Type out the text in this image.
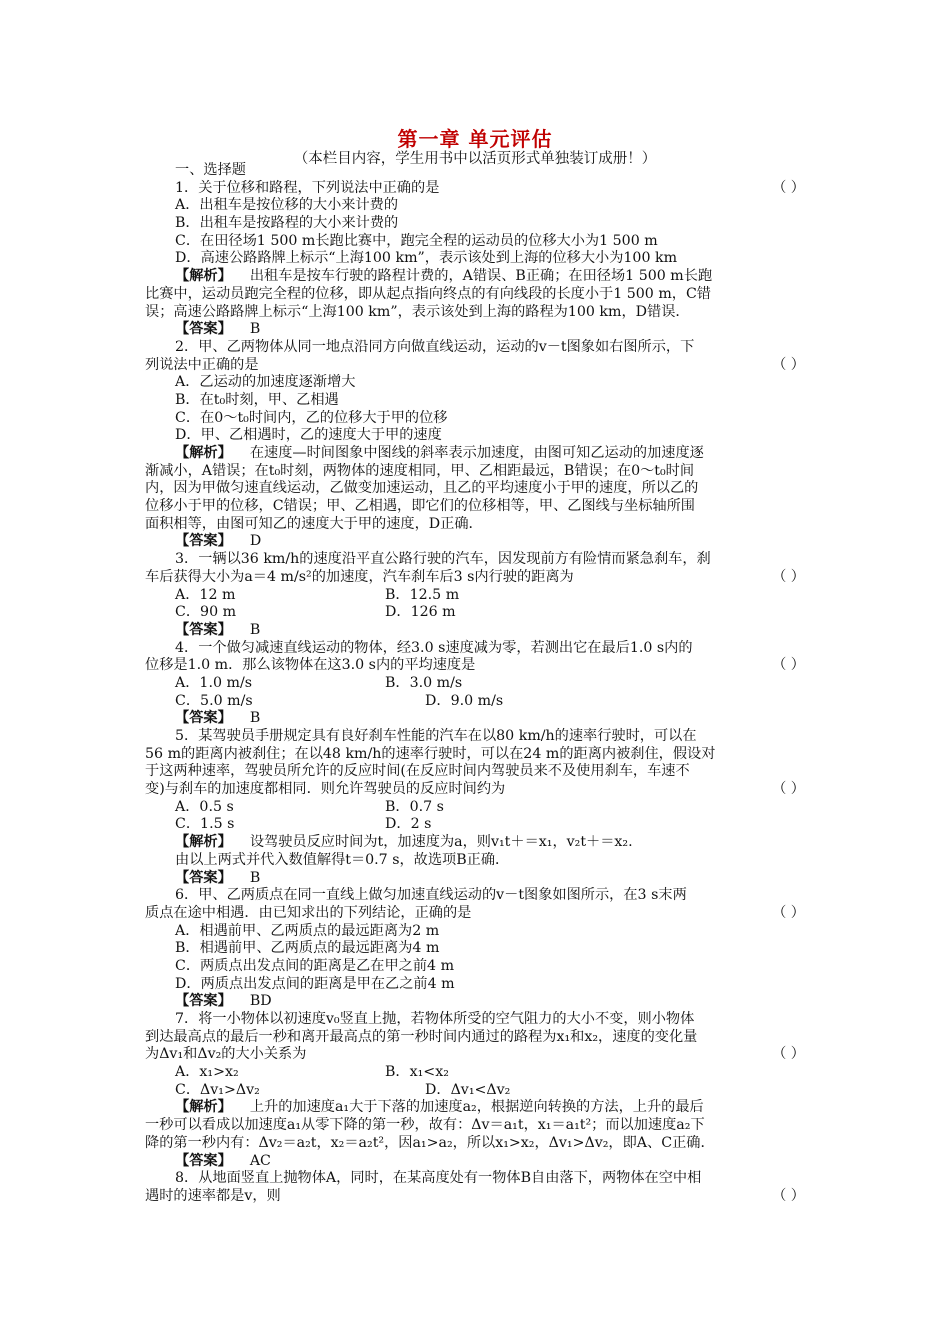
第一章 单元评估
（本栏目内容，学生用书中以活页形式单独装订成册！）
一、选择题
1．关于位移和路程，下列说法中正确的是	（ ）
A．出租车是按位移的大小来计费的
B．出租车是按路程的大小来计费的
C．在田径场1 500 m长跑比赛中，跑完全程的运动员的位移大小为1 500 m
D．高速公路路牌上标示“上海100 km”，表示该处到上海的位移大小为100 km
【解析】 出租车是按车行驶的路程计费的，A错误、B正确；在田径场1 500 m长跑
比赛中，运动员跑完全程的位移，即从起点指向终点的有向线段的长度小于1 500 m，C错
误；高速公路路牌上标示“上海100 km”，表示该处到上海的路程为100 km，D错误．
【答案】 B
2．甲、乙两物体从同一地点沿同方向做直线运动，运动的v－t图象如右图所示，下
列说法中正确的是	（ ）
A．乙运动的加速度逐渐增大
B．在t₀时刻，甲、乙相遇
C．在0～t₀时间内，乙的位移大于甲的位移
D．甲、乙相遇时，乙的速度大于甲的速度
【解析】 在速度—时间图象中图线的斜率表示加速度，由图可知乙运动的加速度逐
渐减小，A错误；在t₀时刻，两物体的速度相同，甲、乙相距最远，B错误；在0～t₀时间
内，因为甲做匀速直线运动，乙做变加速运动，且乙的平均速度小于甲的速度，所以乙的
位移小于甲的位移，C错误；甲、乙相遇，即它们的位移相等，甲、乙图线与坐标轴所围
面积相等，由图可知乙的速度大于甲的速度，D正确．
【答案】 D
3．一辆以36 km/h的速度沿平直公路行驶的汽车，因发现前方有险情而紧急刹车，刹
车后获得大小为a＝4 m/s²的加速度，汽车刹车后3 s内行驶的距离为	（ ）
A．12 m	B．12.5 m
C．90 m	D．126 m
【答案】 B
4．一个做匀减速直线运动的物体，经3.0 s速度减为零，若测出它在最后1.0 s内的
位移是1.0 m．那么该物体在这3.0 s内的平均速度是	（ ）
A．1.0 m/s	B．3.0 m/s
C．5.0 m/s	D．9.0 m/s
【答案】 B
5．某驾驶员手册规定具有良好刹车性能的汽车在以80 km/h的速率行驶时，可以在
56 m的距离内被刹住；在以48 km/h的速率行驶时，可以在24 m的距离内被刹住，假设对
于这两种速率，驾驶员所允许的反应时间(在反应时间内驾驶员来不及使用刹车，车速不
变)与刹车的加速度都相同．则允许驾驶员的反应时间约为	（ ）
A．0.5 s	B．0.7 s
C．1.5 s	D．2 s
【解析】 设驾驶员反应时间为t，加速度为a，则v₁t＋＝x₁，v₂t＋＝x₂.
由以上两式并代入数值解得t＝0.7 s，故选项B正确．
【答案】 B
6．甲、乙两质点在同一直线上做匀加速直线运动的v－t图象如图所示，在3 s末两
质点在途中相遇．由已知求出的下列结论，正确的是	（ ）
A．相遇前甲、乙两质点的最远距离为2 m
B．相遇前甲、乙两质点的最远距离为4 m
C．两质点出发点间的距离是乙在甲之前4 m
D．两质点出发点间的距离是甲在乙之前4 m
【答案】 BD
7．将一小物体以初速度v₀竖直上抛，若物体所受的空气阻力的大小不变，则小物体
到达最高点的最后一秒和离开最高点的第一秒时间内通过的路程为x₁和x₂，速度的变化量
为Δv₁和Δv₂的大小关系为	（ ）
A．x₁>x₂	B．x₁<x₂
C．Δv₁>Δv₂	D．Δv₁<Δv₂
【解析】 上升的加速度a₁大于下落的加速度a₂，根据逆向转换的方法，上升的最后
一秒可以看成以加速度a₁从零下降的第一秒，故有：Δv＝a₁t，x₁＝a₁t²；而以加速度a₂下
降的第一秒内有：Δv₂＝a₂t，x₂＝a₂t²，因a₁>a₂，所以x₁>x₂，Δv₁>Δv₂，即A、C正确．
【答案】 AC
8．从地面竖直上抛物体A，同时，在某高度处有一物体B自由落下，两物体在空中相
遇时的速率都是v，则	（ ）
